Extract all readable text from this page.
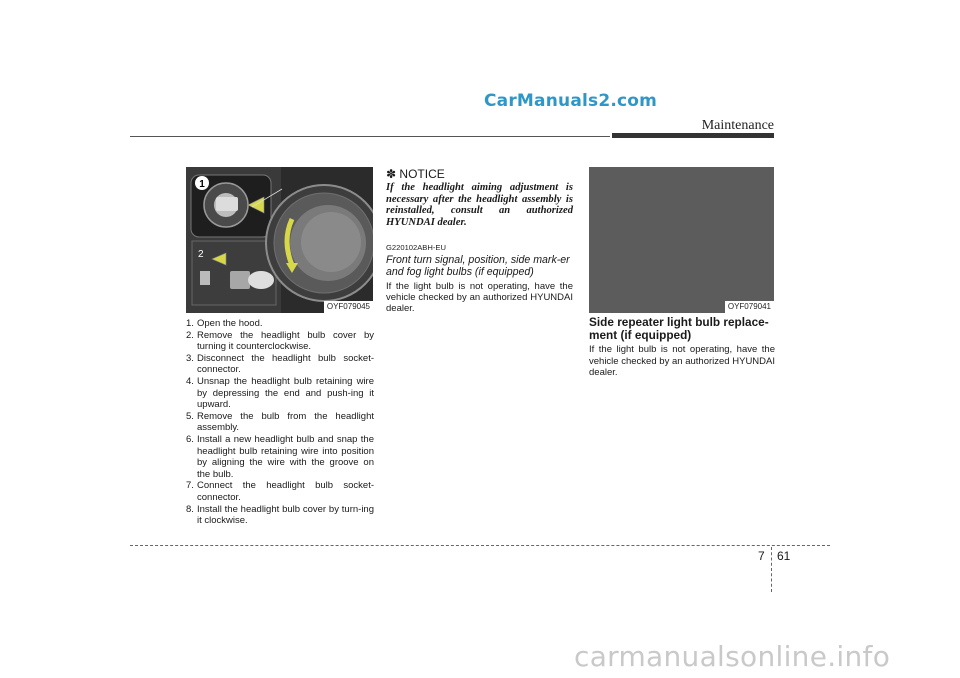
CarManuals2.com
Maintenance
1
2
OYF079045
1. Open the hood.
2. Remove the headlight bulb cover by turning it counterclockwise.
3. Disconnect the headlight bulb socket-connector.
4. Unsnap the headlight bulb retaining wire by depressing the end and push-ing it upward.
5. Remove the bulb from the headlight assembly.
6. Install a new headlight bulb and snap the headlight bulb retaining wire into position by aligning the wire with the groove on the bulb.
7. Connect the headlight bulb socket-connector.
8. Install the headlight bulb cover by turn-ing it clockwise.

✽ NOTICE

If the headlight aiming adjustment is necessary after the headlight assembly is reinstalled, consult an authorized HYUNDAI dealer.

G220102ABH-EU

Front turn signal, position, side mark-er and fog light bulbs (if equipped)

If the light bulb is not operating, have the vehicle checked by an authorized HYUNDAI dealer.	OYF079041

Side repeater light bulb replace-ment (if equipped)

If the light bulb is not operating, have the vehicle checked by an authorized HYUNDAI dealer.

7 61
carmanualsonline.info
